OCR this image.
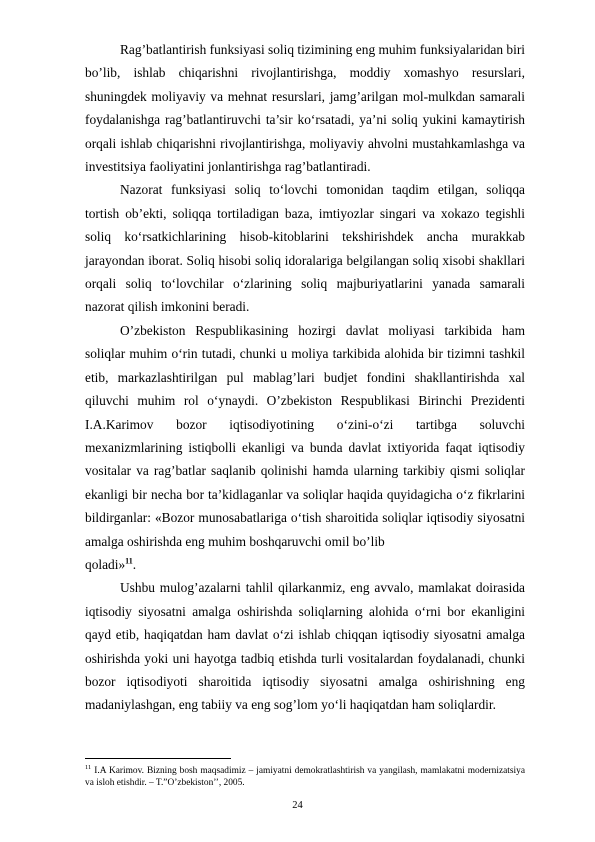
Rag’batlantirish funksiyasi soliq tizimining eng muhim funksiyalaridan biri bo’lib, ishlab chiqarishni rivojlantirishga, moddiy xomashyo resurslari, shuningdek moliyaviy va mehnat resurslari, jamg’arilgan mol-mulkdan samarali foydalanishga rag’batlantiruvchi ta’sir ko‘rsatadi, ya’ni soliq yukini kamaytirish orqali ishlab chiqarishni rivojlantirishga, moliyaviy ahvolni mustahkamlashga va investitsiya faoliyatini jonlantirishga rag’batlantiradi.

Nazorat funksiyasi soliq to‘lovchi tomonidan taqdim etilgan, soliqqa tortish ob’ekti, soliqqa tortiladigan baza, imtiyozlar singari va xokazo tegishli soliq ko‘rsatkichlarining hisob-kitoblarini tekshirishdek ancha murakkab jarayondan iborat. Soliq hisobi soliq idoralariga belgilangan soliq xisobi shakllari orqali soliq to‘lovchilar o‘zlarining soliq majburiyatlarini yanada samarali nazorat qilish imkonini beradi.

O’zbekiston Respublikasining hozirgi davlat moliyasi tarkibida ham soliqlar muhim o‘rin tutadi, chunki u moliya tarkibida alohida bir tizimni tashkil etib, markazlashtirilgan pul mablag’lari budjet fondini shakllantirishda xal qiluvchi muhim rol o‘ynaydi. O’zbekiston Respublikasi Birinchi Prezidenti I.A.Karimov bozor iqtisodiyotining o‘zini-o‘zi tartibga soluvchi mexanizmlarining istiqbolli ekanligi va bunda davlat ixtiyorida faqat iqtisodiy vositalar va rag’batlar saqlanib qolinishi hamda ularning tarkibiy qismi soliqlar ekanligi bir necha bor ta’kidlaganlar va soliqlar haqida quyidagicha o‘z fikrlarini bildirganlar: «Bozor munosabatlariga o‘tish sharoitida soliqlar iqtisodiy siyosatni amalga oshirishda eng muhim boshqaruvchi omil bo’lib

qoladi»$^{11}$.

Ushbu mulog’azalarni tahlil qilarkanmiz, eng avvalo, mamlakat doirasida iqtisodiy siyosatni amalga oshirishda soliqlarning alohida o‘rni bor ekanligini qayd etib, haqiqatdan ham davlat o‘zi ishlab chiqqan iqtisodiy siyosatni amalga oshirishda yoki uni hayotga tadbiq etishda turli vositalardan foydalanadi, chunki bozor iqtisodiyoti sharoitida iqtisodiy siyosatni amalga oshirishning eng madaniylashgan, eng tabiiy va eng sog’lom yo‘li haqiqatdan ham soliqlardir.

$^{11}$ I.A Karimov. Bizning bosh maqsadimiz – jamiyatni demokratlashtirish va yangilash, mamlakatni modernizatsiya va isloh etishdir. – T.”O’zbekiston’’, 2005.

24
